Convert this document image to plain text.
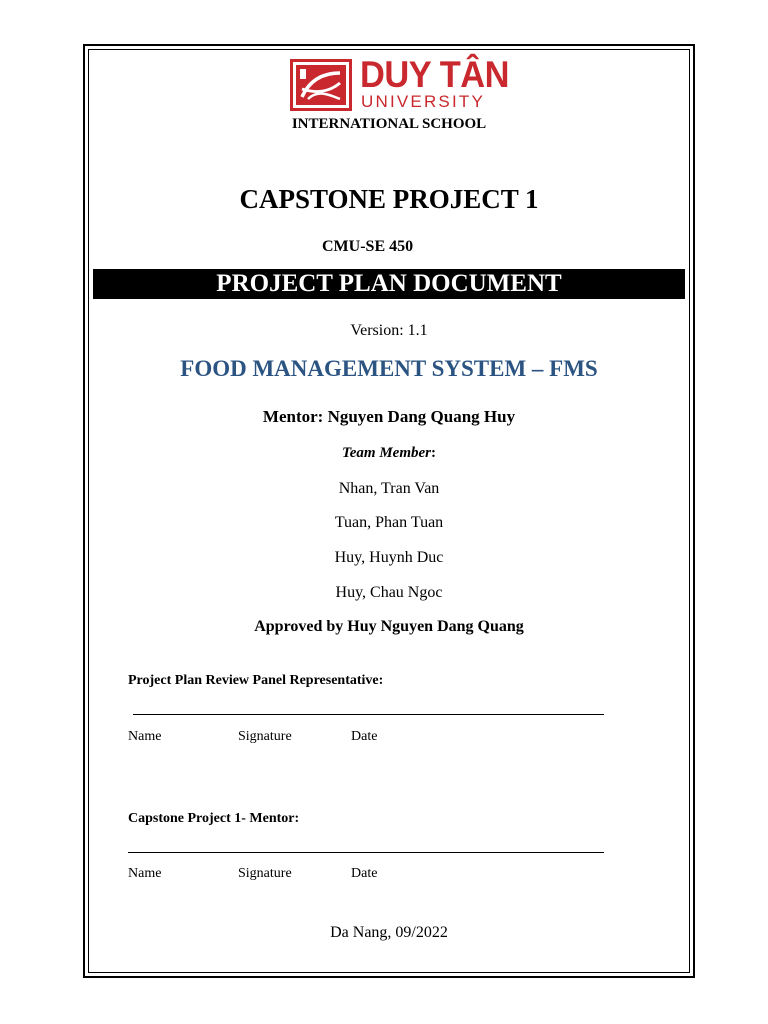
DUY TÂN
UNIVERSITY
INTERNATIONAL SCHOOL
CAPSTONE PROJECT 1
CMU-SE 450
PROJECT PLAN DOCUMENT
Version: 1.1
FOOD MANAGEMENT SYSTEM – FMS
Mentor: Nguyen Dang Quang Huy
Team Member:
Nhan, Tran Van
Tuan, Phan Tuan
Huy, Huynh Duc
Huy, Chau Ngoc
Approved by Huy Nguyen Dang Quang
Project Plan Review Panel Representative:
Name	Signature	Date
Capstone Project 1- Mentor:
Name	Signature	Date
Da Nang, 09/2022
